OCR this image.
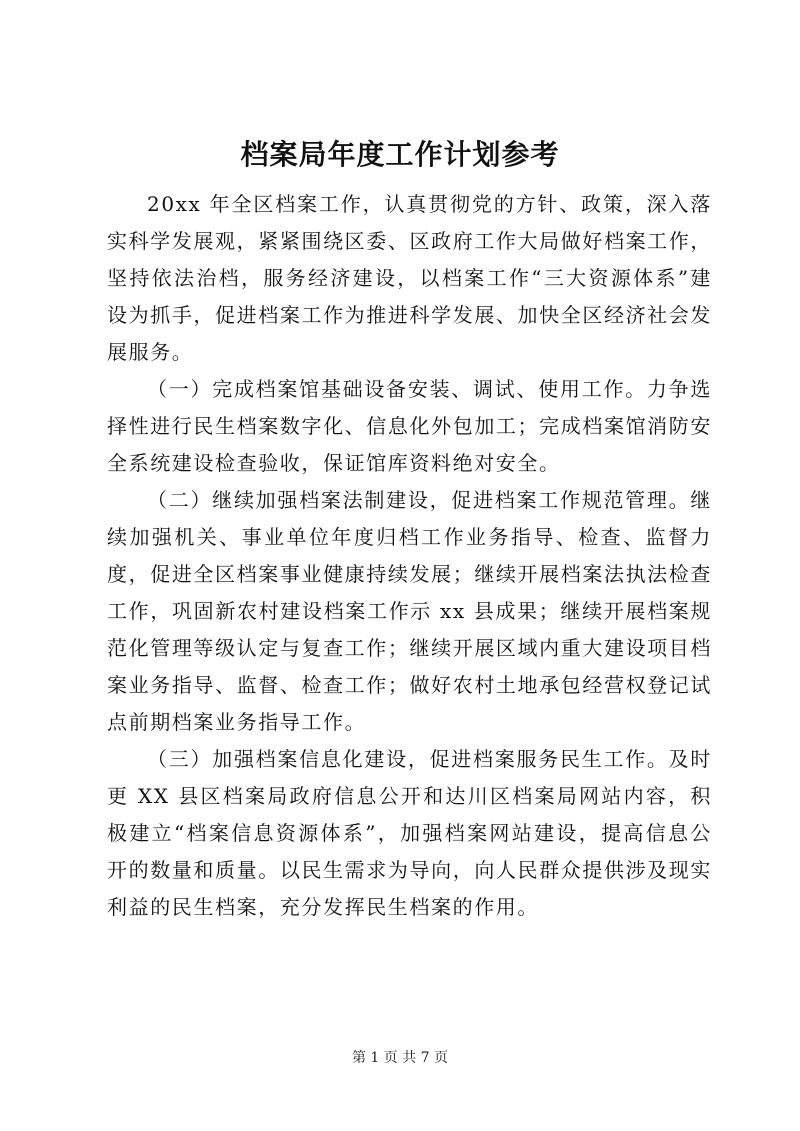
档案局年度工作计划参考

20xx 年全区档案工作，认真贯彻党的方针、政策，深入落实科学发展观，紧紧围绕区委、区政府工作大局做好档案工作，坚持依法治档，服务经济建设，以档案工作“三大资源体系”建设为抓手，促进档案工作为推进科学发展、加快全区经济社会发展服务。

（一）完成档案馆基础设备安装、调试、使用工作。力争选择性进行民生档案数字化、信息化外包加工；完成档案馆消防安全系统建设检查验收，保证馆库资料绝对安全。

（二）继续加强档案法制建设，促进档案工作规范管理。继续加强机关、事业单位年度归档工作业务指导、检查、监督力度，促进全区档案事业健康持续发展；继续开展档案法执法检查工作，巩固新农村建设档案工作示 xx 县成果；继续开展档案规范化管理等级认定与复查工作；继续开展区域内重大建设项目档案业务指导、监督、检查工作；做好农村土地承包经营权登记试点前期档案业务指导工作。

（三）加强档案信息化建设，促进档案服务民生工作。及时更 XX 县区档案局政府信息公开和达川区档案局网站内容，积极建立“档案信息资源体系”，加强档案网站建设，提高信息公开的数量和质量。以民生需求为导向，向人民群众提供涉及现实利益的民生档案，充分发挥民生档案的作用。

第 1 页 共 7 页
